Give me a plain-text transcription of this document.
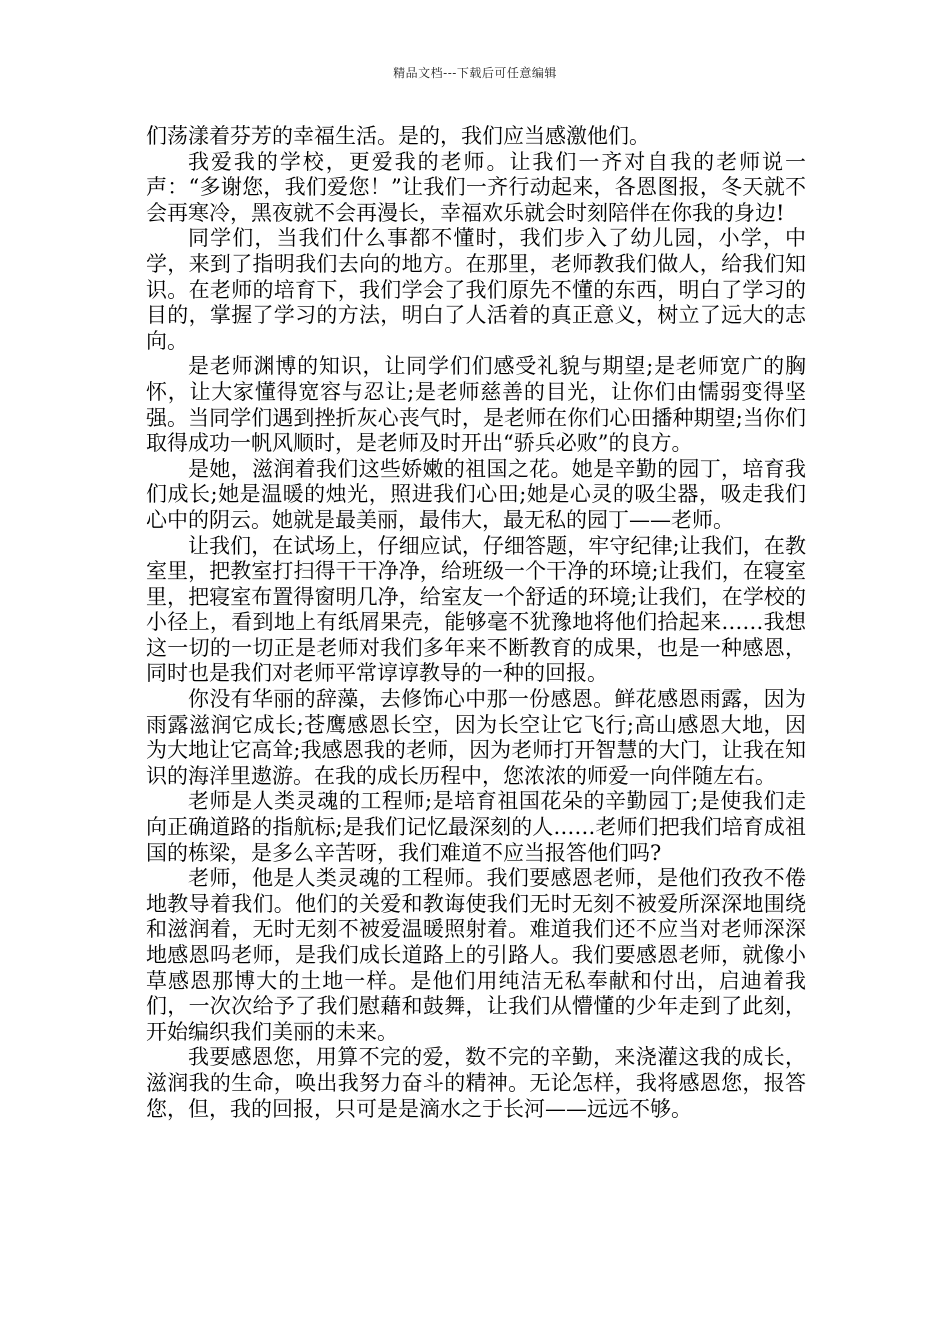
精品文档---下载后可任意编辑

们荡漾着芬芳的幸福生活。是的，我们应当感激他们。

我爱我的学校，更爱我的老师。让我们一齐对自我的老师说一声：“多谢您，我们爱您！”让我们一齐行动起来，各恩图报，冬天就不会再寒冷，黑夜就不会再漫长，幸福欢乐就会时刻陪伴在你我的身边!

同学们，当我们什么事都不懂时，我们步入了幼儿园，小学，中学，来到了指明我们去向的地方。在那里，老师教我们做人，给我们知识。在老师的培育下，我们学会了我们原先不懂的东西，明白了学习的目的，掌握了学习的方法，明白了人活着的真正意义，树立了远大的志向。

是老师渊博的知识，让同学们们感受礼貌与期望;是老师宽广的胸怀，让大家懂得宽容与忍让;是老师慈善的目光，让你们由懦弱变得坚强。当同学们遇到挫折灰心丧气时，是老师在你们心田播种期望;当你们取得成功一帆风顺时，是老师及时开出“骄兵必败”的良方。

是她，滋润着我们这些娇嫩的祖国之花。她是辛勤的园丁，培育我们成长;她是温暖的烛光，照进我们心田;她是心灵的吸尘器，吸走我们心中的阴云。她就是最美丽，最伟大，最无私的园丁——老师。

让我们，在试场上，仔细应试，仔细答题，牢守纪律;让我们，在教室里，把教室打扫得干干净净，给班级一个干净的环境;让我们，在寝室里，把寝室布置得窗明几净，给室友一个舒适的环境;让我们，在学校的小径上，看到地上有纸屑果壳，能够毫不犹豫地将他们拾起来……我想这一切的一切正是老师对我们多年来不断教育的成果，也是一种感恩，同时也是我们对老师平常谆谆教导的一种的回报。

你没有华丽的辞藻，去修饰心中那一份感恩。鲜花感恩雨露，因为雨露滋润它成长;苍鹰感恩长空，因为长空让它飞行;高山感恩大地，因为大地让它高耸;我感恩我的老师，因为老师打开智慧的大门，让我在知识的海洋里遨游。在我的成长历程中，您浓浓的师爱一向伴随左右。

老师是人类灵魂的工程师;是培育祖国花朵的辛勤园丁;是使我们走向正确道路的指航标;是我们记忆最深刻的人……老师们把我们培育成祖国的栋梁，是多么辛苦呀，我们难道不应当报答他们吗?

老师，他是人类灵魂的工程师。我们要感恩老师，是他们孜孜不倦地教导着我们。他们的关爱和教诲使我们无时无刻不被爱所深深地围绕和滋润着，无时无刻不被爱温暖照射着。难道我们还不应当对老师深深地感恩吗老师，是我们成长道路上的引路人。我们要感恩老师，就像小草感恩那博大的土地一样。是他们用纯洁无私奉献和付出，启迪着我们，一次次给予了我们慰藉和鼓舞，让我们从懵懂的少年走到了此刻，开始编织我们美丽的未来。

我要感恩您，用算不完的爱，数不完的辛勤，来浇灌这我的成长，滋润我的生命，唤出我努力奋斗的精神。无论怎样，我将感恩您，报答您，但，我的回报，只可是是滴水之于长河——远远不够。
